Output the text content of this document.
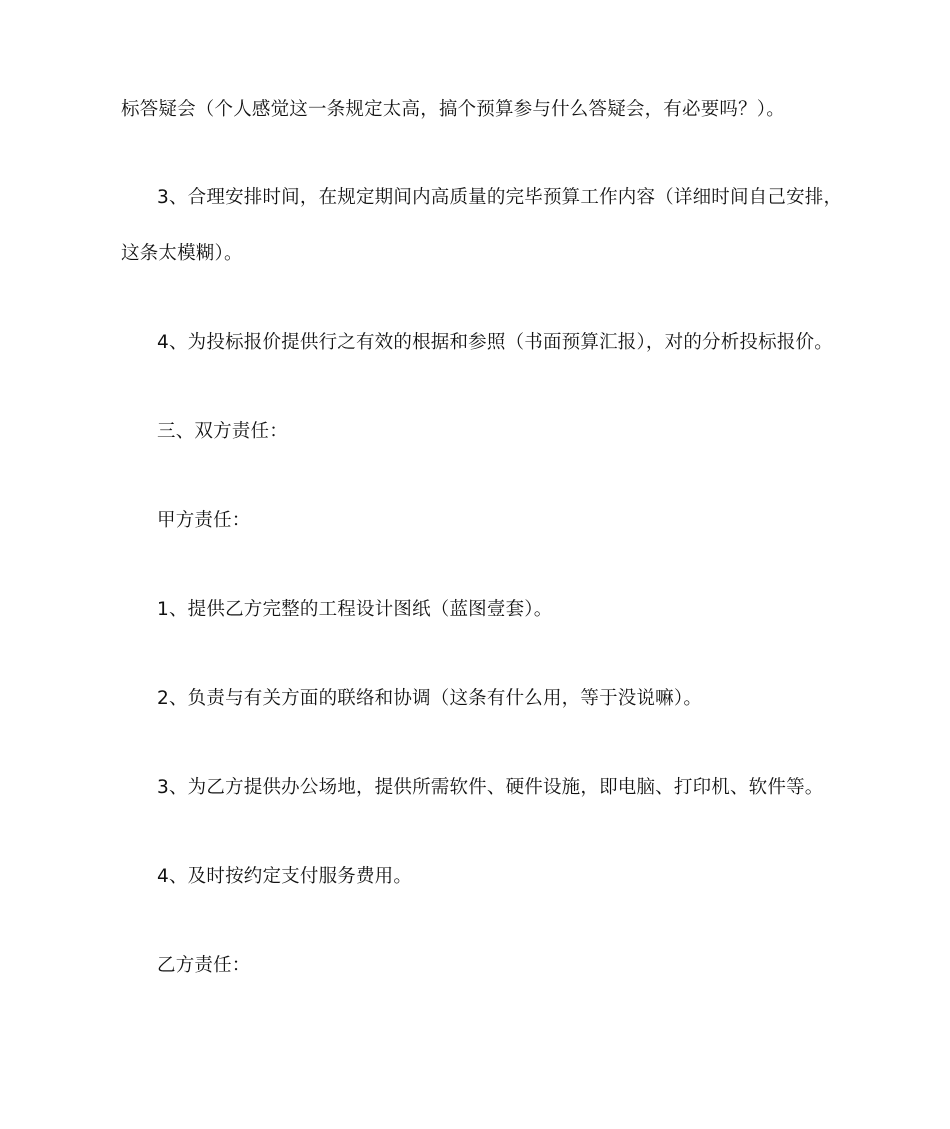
标答疑会（个人感觉这一条规定太高，搞个预算参与什么答疑会，有必要吗？）。
3、合理安排时间，在规定期间内高质量的完毕预算工作内容（详细时间自己安排，
这条太模糊）。
4、为投标报价提供行之有效的根据和参照（书面预算汇报），对的分析投标报价。
三、双方责任：
甲方责任：
1、提供乙方完整的工程设计图纸（蓝图壹套）。
2、负责与有关方面的联络和协调（这条有什么用，等于没说嘛）。
3、为乙方提供办公场地，提供所需软件、硬件设施，即电脑、打印机、软件等。
4、及时按约定支付服务费用。
乙方责任：
